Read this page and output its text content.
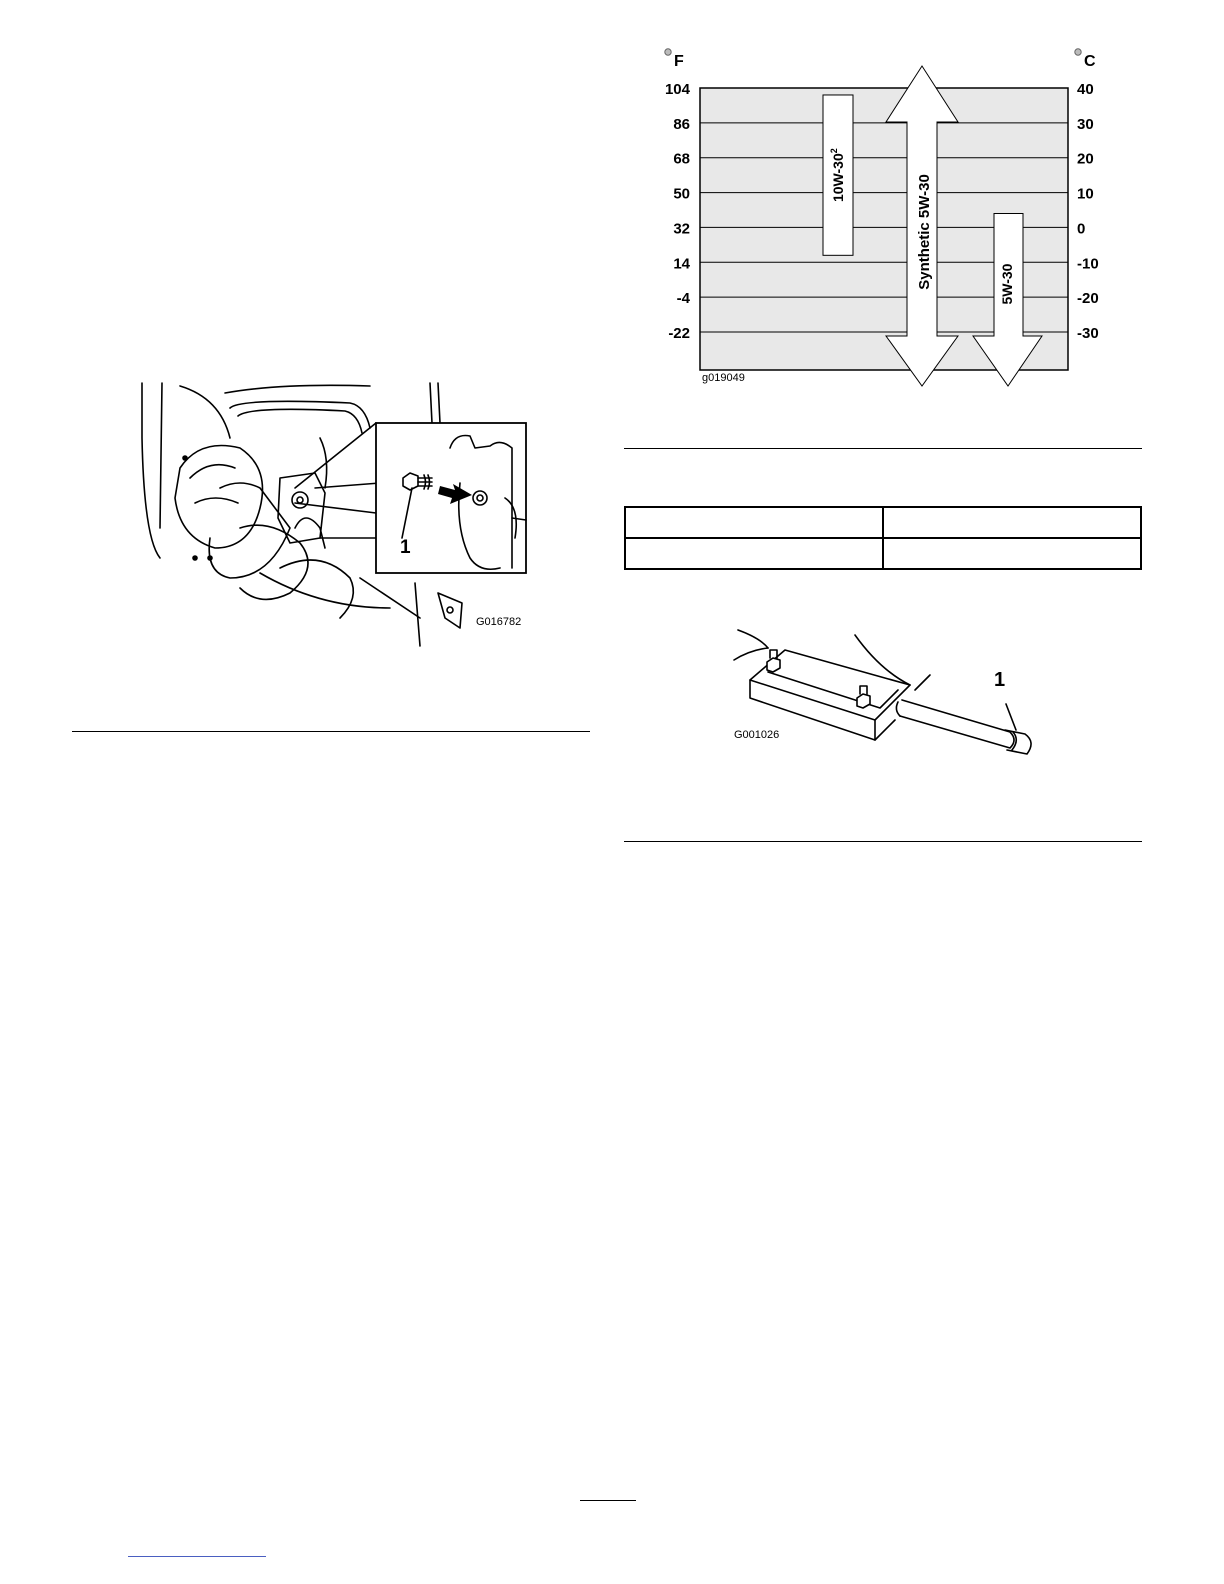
1
G016782
F	C
104
86
68
50
32
14
-4
-22
40
30
20
10
0
-10
-20
-30
$10W-30^2$
Synthetic 5W-30	5W-30
g019049

1
G001026
